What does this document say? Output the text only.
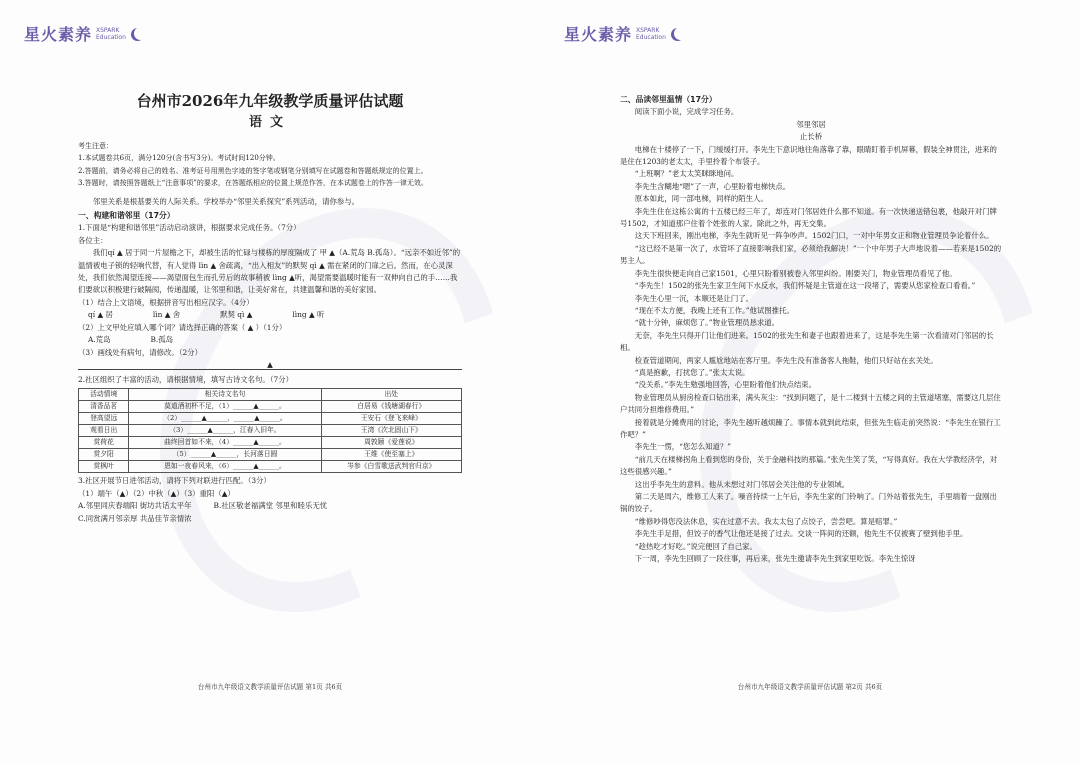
星火素养 XSPARK
Education
台州市2026年九年级教学质量评估试题
语文

考生注意：

1.本试题卷共6页，满分120分(含书写3分)。考试时间120分钟。

2.答题前，请务必将自己的姓名、准考证号用黑色字迹的签字笔或钢笔分别填写在试题卷和答题纸规定的位置上。

3.答题时，请按照答题纸上“注意事项”的要求，在答题纸相应的位置上规范作答，在本试题卷上的作答一律无效。

邻里关系是根基要关的人际关系。学校举办“邻里关系探究”系列活动，请你参与。

一、构建和谐邻里（17分）

1.下面是“构建和谐邻里”活动启动演讲，根据要求完成任务。（7分）

各位主：

我们qí ▲ 居于同一片屋檐之下，却被生活的忙碌与楼栋的厚度隔成了 甲 ▲（A.荒岛 B.孤岛）。“远亲不如近邻”的温情被电子锁的轻响代替，有人觉得 lìn ▲ 舍疏离，“出入相友”的默契 qì ▲ 需在紧闭的门扉之后。然而，在心灵深处，我们依然渴望连接——渴望面包生而孔劳后的故事稍被 lìng ▲听，渴望需要温暖时能有一双伸向自己的手……我们要欲以积极建行破隔阂，传递温暖，让邻里和谐，让美好常在，共建温馨和谐的美好家园。

（1）结合上文语境，根据拼音写出相应汉字。（4分）

qí ▲ 居	lìn ▲ 舍	默契 qì ▲	lìng ▲ 听

（2）上文甲处应填入哪个词？请选择正确的答案（ ▲ ）（1分）

A.荒岛	B.孤岛

（3）画线处有病句，请修改。（2分）

▲

2.社区组织了丰富的活动，请根据情境，填写古诗文名句。（7分）

活动情境	相关诗文名句	出处
清香品茗	莫道酒初杯不足，（1）______▲______。	白居易《钱塘湖春行》
登高望远	（2）______▲______，______▲______。	王安石《登飞来峰》
观看日出	（3）______▲______，江春入旧年。	王湾《次北固山下》
赏荷花	曲终回首如不来，（4）______▲______。	周敦颐《爱莲说》
赏夕阳	（5）______▲______，长河落日圆	王维《使至塞上》
赏枫叶	恩如一夜春风来，（6）______▲______。	岑参《白雪歌送武判官归京》

3.社区开展节日进邻活动，请将下列对联进行匹配。（3分）

（1）端午（▲）（2）中秋（▲）（3）重阳（▲）

A.邻里同庆春端阳 街坊共话太平年	B.社区敬老福满堂 邻里和睦乐无忧

C.同赏满月邻亲厚 共品佳节亲情浓

台州市九年级语文教学质量评估试题 第1页 共6页
星火素养 XSPARK
Education
二、品读邻里温情（17分）

阅读下面小说，完成学习任务。

邻里邻居

止长桥

电梯在十楼停了一下，门缓缓打开。李先生下意识地往角落靠了靠，眼睛盯着手机屏幕，假装全神贯注，进来的是住在1203的老太太，手里拎着个布袋子。

“上班啊？”老太太笑眯眯地问。

李先生含糊地“嗯”了一声，心里盼着电梯快点。

原本如此，同一部电梯，同样的陌生人。

李先生住在这栋公寓的十五楼已经三年了，却连对门邻居姓什么都不知道。有一次快递送错包裹，他敲开对门牌号1502，才知道那户住着个姓张的人家。除此之外，再无交集。

这天下班回来，刚出电梯，李先生就听见一阵争吵声。1502门口，一对中年男女正和物业管理员争论着什么。

“这已经不是第一次了，水管坏了直接影响我们家，必须给我解决！”一个中年男子大声地说着——若来是1502的男主人。

李先生很快便走向自己家1501，心里只盼着别被卷入邻里纠纷。刚要关门，物业管理员看见了他。

“李先生！1502的张先生家卫生间下水反水，我们怀疑是主管道在这一段堵了，需要从您家检查口看看。”

李先生心里一沉，本顺还是让门了。

“现在不太方便，我晚上还有工作。”他试图推托。

“就十分钟，麻烦您了。”物业管理员恳求道。

无奈，李先生只得开门让他们进来。1502的张先生和妻子也跟着进来了，这是李先生第一次看清对门邻居的长相。

检查管道期间，两家人尴尬地站在客厅里。李先生没有准备客人拖鞋，他们只好站在玄关处。

“真是抱歉，打扰您了。”张太太说。

“没关系。”李先生勉强地回答，心里盼着他们快点结束。

物业管理员从厨房检查口钻出来，满头灰尘：“找到问题了，是十二楼到十五楼之间的主管道堵塞，需要这几层住户共同分担维修费用。”

接着就是分摊费用的讨论，李先生越听越烦躁了。事情本就到此结束，但张先生临走前突然说：“李先生在银行工作吧？”

李先生一愣，“您怎么知道？”

“前几天在楼梯拐角上看到您的身份，关于金融科技的那篇。”张先生笑了笑，“写得真好。我在大学教经济学，对这些很感兴趣。”

这出乎李先生的意料。他从未想过对门邻居会关注他的专业领域。

第二天是周六，维修工人来了。噪音持续一上午后，李先生家的门铃响了。门外站着张先生，手里端着一盘刚出锅的饺子。

“维修吵得您没法休息，实在过意不去。我太太包了点饺子，尝尝吧。算是赔罪。”

李先生手足措，但饺子的香气让他还是接了过去。交谈一阵间的还额，他先生不仅被赛了壁到他手里。

“趁热吃才好吃。”说完便回了自己家。

下一周，李先生回顾了一段往事，再后来，张先生邀请李先生到家里吃饭。李先生惊讶

台州市九年级语文教学质量评估试题 第2页 共6页
